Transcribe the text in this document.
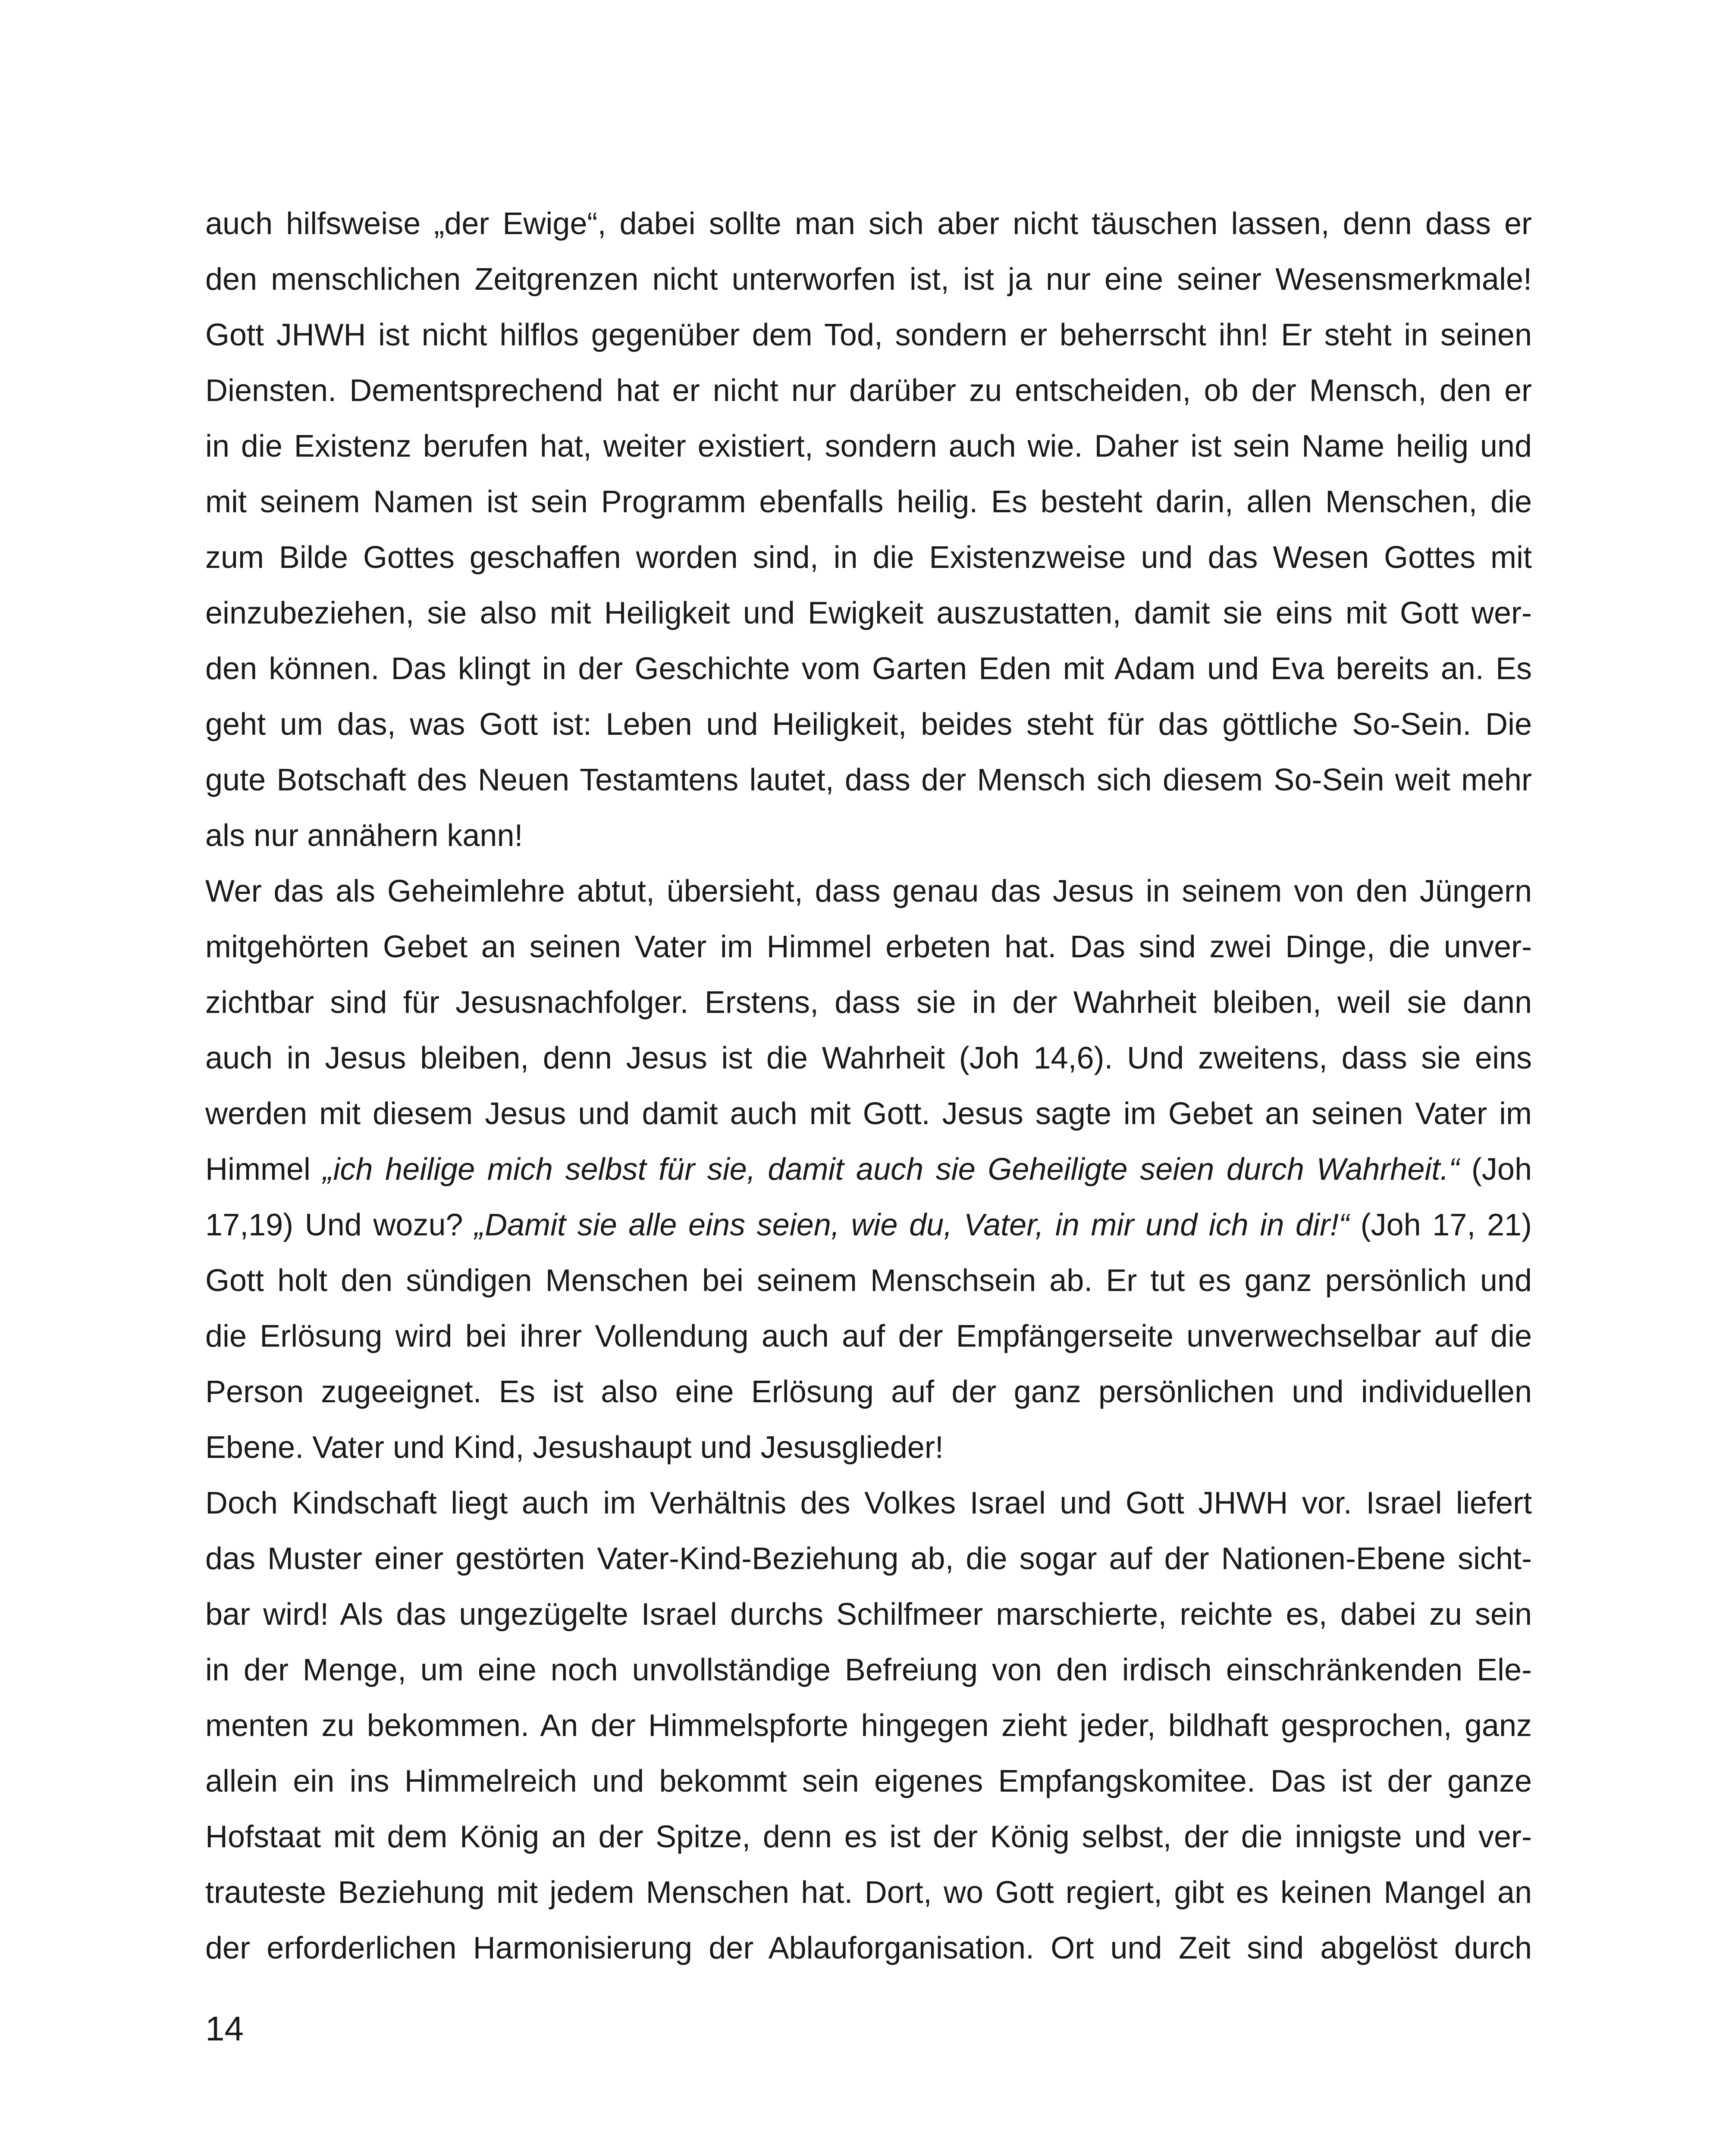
auch hilfsweise „der Ewige“, dabei sollte man sich aber nicht täuschen lassen, denn dass er
den menschlichen Zeitgrenzen nicht unterworfen ist, ist ja nur eine seiner Wesensmerkmale!
Gott JHWH ist nicht hilflos gegenüber dem Tod, sondern er beherrscht ihn! Er steht in seinen
Diensten. Dementsprechend hat er nicht nur darüber zu entscheiden, ob der Mensch, den er
in die Existenz berufen hat, weiter existiert, sondern auch wie. Daher ist sein Name heilig und
mit seinem Namen ist sein Programm ebenfalls heilig. Es besteht darin, allen Menschen, die
zum Bilde Gottes geschaffen worden sind, in die Existenzweise und das Wesen Gottes mit
einzubeziehen, sie also mit Heiligkeit und Ewigkeit auszustatten, damit sie eins mit Gott wer-
den können. Das klingt in der Geschichte vom Garten Eden mit Adam und Eva bereits an. Es
geht um das, was Gott ist: Leben und Heiligkeit, beides steht für das göttliche So-Sein. Die
gute Botschaft des Neuen Testamtens lautet, dass der Mensch sich diesem So-Sein weit mehr
als nur annähern kann!
Wer das als Geheimlehre abtut, übersieht, dass genau das Jesus in seinem von den Jüngern
mitgehörten Gebet an seinen Vater im Himmel erbeten hat. Das sind zwei Dinge, die unver-
zichtbar sind für Jesusnachfolger. Erstens, dass sie in der Wahrheit bleiben, weil sie dann
auch in Jesus bleiben, denn Jesus ist die Wahrheit (Joh 14,6). Und zweitens, dass sie eins
werden mit diesem Jesus und damit auch mit Gott. Jesus sagte im Gebet an seinen Vater im
Himmel „ich heilige mich selbst für sie, damit auch sie Geheiligte seien durch Wahrheit.“ (Joh
17,19) Und wozu? „Damit sie alle eins seien, wie du, Vater, in mir und ich in dir!“ (Joh 17, 21)
Gott holt den sündigen Menschen bei seinem Menschsein ab. Er tut es ganz persönlich und
die Erlösung wird bei ihrer Vollendung auch auf der Empfängerseite unverwechselbar auf die
Person zugeeignet. Es ist also eine Erlösung auf der ganz persönlichen und individuellen
Ebene. Vater und Kind, Jesushaupt und Jesusglieder!
Doch Kindschaft liegt auch im Verhältnis des Volkes Israel und Gott JHWH vor. Israel liefert
das Muster einer gestörten Vater-Kind-Beziehung ab, die sogar auf der Nationen-Ebene sicht-
bar wird! Als das ungezügelte Israel durchs Schilfmeer marschierte, reichte es, dabei zu sein
in der Menge, um eine noch unvollständige Befreiung von den irdisch einschränkenden Ele-
menten zu bekommen. An der Himmelspforte hingegen zieht jeder, bildhaft gesprochen, ganz
allein ein ins Himmelreich und bekommt sein eigenes Empfangskomitee. Das ist der ganze
Hofstaat mit dem König an der Spitze, denn es ist der König selbst, der die innigste und ver-
trauteste Beziehung mit jedem Menschen hat. Dort, wo Gott regiert, gibt es keinen Mangel an
der erforderlichen Harmonisierung der Ablauforganisation. Ort und Zeit sind abgelöst durch
14
